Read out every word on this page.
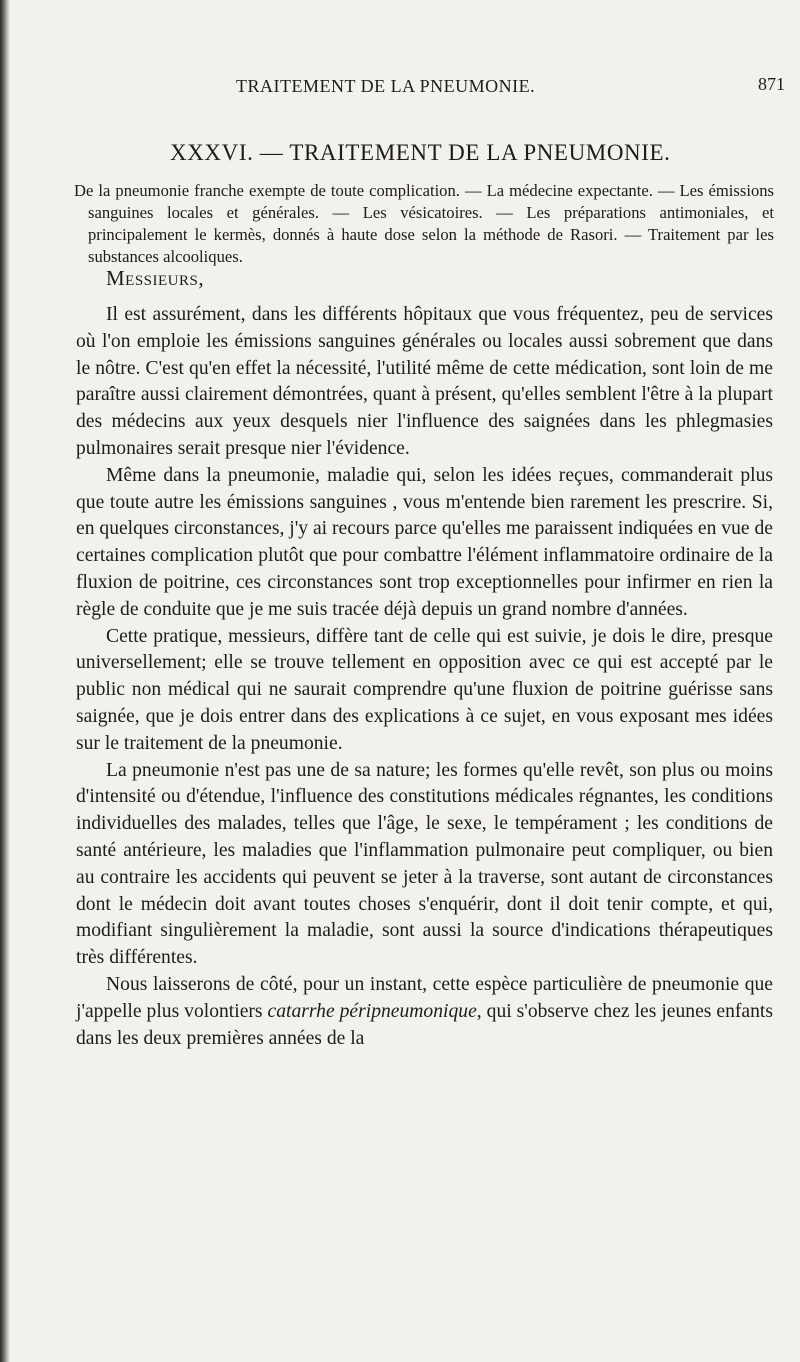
TRAITEMENT DE LA PNEUMONIE.	871
XXXVI. — TRAITEMENT DE LA PNEUMONIE.
De la pneumonie franche exempte de toute complication. — La médecine expectante. — Les émissions sanguines locales et générales. — Les vésicatoires. — Les préparations antimoniales, et principalement le kermès, donnés à haute dose selon la méthode de Rasori. — Traitement par les substances alcooliques.
Messieurs,

Il est assurément, dans les différents hôpitaux que vous fréquentez, peu de services où l'on emploie les émissions sanguines générales ou locales aussi sobrement que dans le nôtre. C'est qu'en effet la nécessité, l'utilité même de cette médication, sont loin de me paraître aussi clairement démontrées, quant à présent, qu'elles semblent l'être à la plupart des médecins aux yeux desquels nier l'influence des saignées dans les phlegmasies pulmonaires serait presque nier l'évidence.

Même dans la pneumonie, maladie qui, selon les idées reçues, commanderait plus que toute autre les émissions sanguines , vous m'entende bien rarement les prescrire. Si, en quelques circonstances, j'y ai recours parce qu'elles me paraissent indiquées en vue de certaines complication plutôt que pour combattre l'élément inflammatoire ordinaire de la fluxion de poitrine, ces circonstances sont trop exceptionnelles pour infirmer en rien la règle de conduite que je me suis tracée déjà depuis un grand nombre d'années.

Cette pratique, messieurs, diffère tant de celle qui est suivie, je dois le dire, presque universellement; elle se trouve tellement en opposition avec ce qui est accepté par le public non médical qui ne saurait comprendre qu'une fluxion de poitrine guérisse sans saignée, que je dois entrer dans des explications à ce sujet, en vous exposant mes idées sur le traitement de la pneumonie.

La pneumonie n'est pas une de sa nature; les formes qu'elle revêt, son plus ou moins d'intensité ou d'étendue, l'influence des constitutions médicales régnantes, les conditions individuelles des malades, telles que l'âge, le sexe, le tempérament ; les conditions de santé antérieure, les maladies que l'inflammation pulmonaire peut compliquer, ou bien au contraire les accidents qui peuvent se jeter à la traverse, sont autant de circonstances dont le médecin doit avant toutes choses s'enquérir, dont il doit tenir compte, et qui, modifiant singulièrement la maladie, sont aussi la source d'indications thérapeutiques très différentes.

Nous laisserons de côté, pour un instant, cette espèce particulière de pneumonie que j'appelle plus volontiers catarrhe péripneumonique, qui s'observe chez les jeunes enfants dans les deux premières années de la
